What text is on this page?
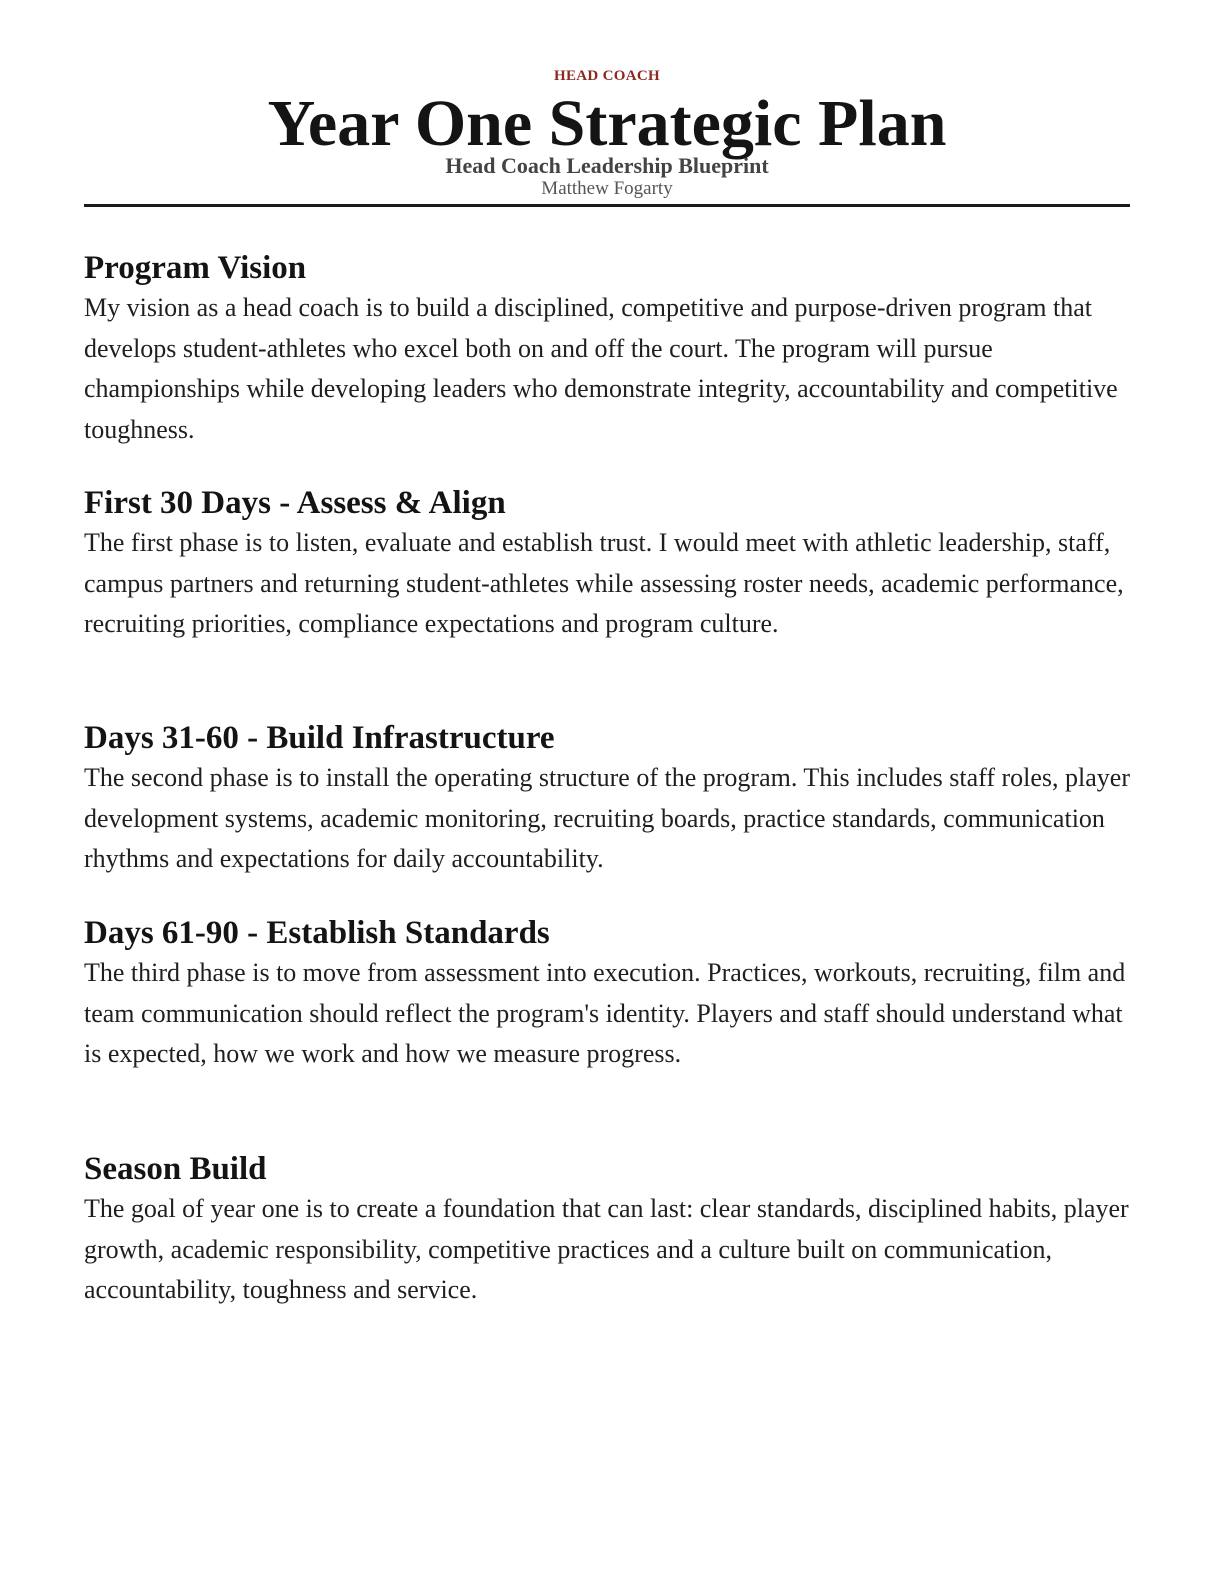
HEAD COACH
Year One Strategic Plan
Head Coach Leadership Blueprint
Matthew Fogarty
Program Vision

My vision as a head coach is to build a disciplined, competitive and purpose-driven program that develops student-athletes who excel both on and off the court. The program will pursue championships while developing leaders who demonstrate integrity, accountability and competitive toughness.

First 30 Days - Assess & Align

The first phase is to listen, evaluate and establish trust. I would meet with athletic leadership, staff, campus partners and returning student-athletes while assessing roster needs, academic performance, recruiting priorities, compliance expectations and program culture.

Days 31-60 - Build Infrastructure

The second phase is to install the operating structure of the program. This includes staff roles, player development systems, academic monitoring, recruiting boards, practice standards, communication rhythms and expectations for daily accountability.

Days 61-90 - Establish Standards

The third phase is to move from assessment into execution. Practices, workouts, recruiting, film and team communication should reflect the program's identity. Players and staff should understand what is expected, how we work and how we measure progress.

Season Build

The goal of year one is to create a foundation that can last: clear standards, disciplined habits, player growth, academic responsibility, competitive practices and a culture built on communication, accountability, toughness and service.
